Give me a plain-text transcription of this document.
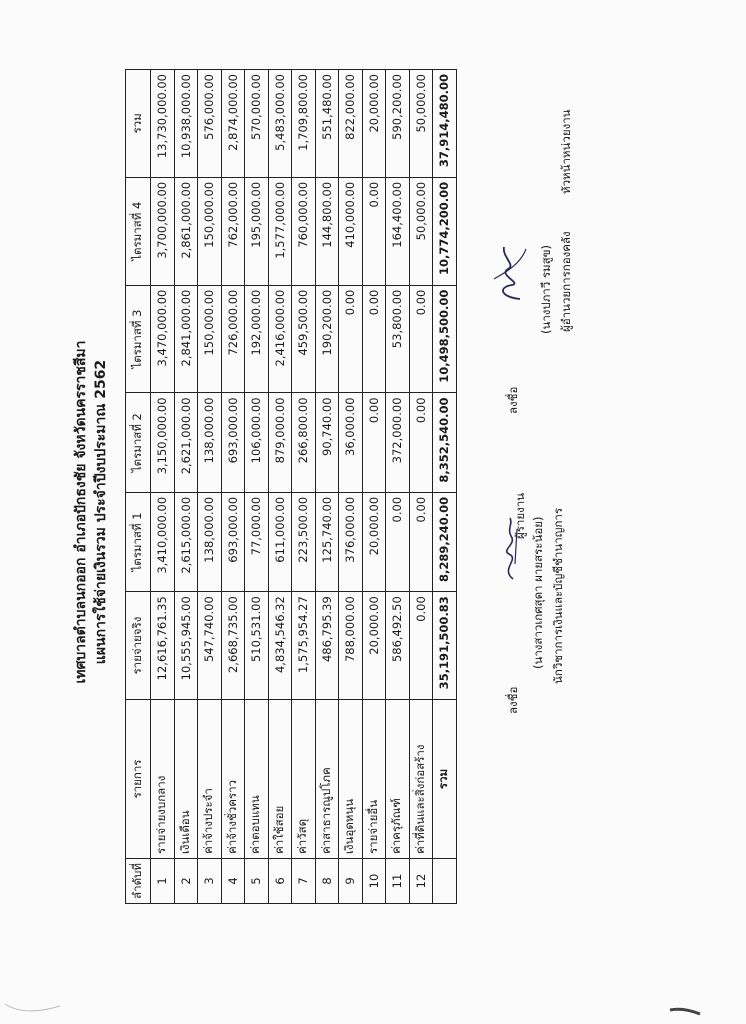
เทศบาลตำบลนกออก อำเภอปักธงชัย จังหวัดนครราชสีมา แผนการใช้จ่ายเงินรวม ประจำปีงบประมาณ 2562
ลำดับที่	รายการ	รายจ่ายจริง	ไตรมาสที่ 1	ไตรมาสที่ 2	ไตรมาสที่ 3	ไตรมาสที่ 4	รวม
1	รายจ่ายงบกลาง	12,616,761.35	3,410,000.00	3,150,000.00	3,470,000.00	3,700,000.00	13,730,000.00
2	เงินเดือน	10,555,945.00	2,615,000.00	2,621,000.00	2,841,000.00	2,861,000.00	10,938,000.00
3	ค่าจ้างประจำ	547,740.00	138,000.00	138,000.00	150,000.00	150,000.00	576,000.00
4	ค่าจ้างชั่วคราว	2,668,735.00	693,000.00	693,000.00	726,000.00	762,000.00	2,874,000.00
5	ค่าตอบแทน	510,531.00	77,000.00	106,000.00	192,000.00	195,000.00	570,000.00
6	ค่าใช้สอย	4,834,546.32	611,000.00	879,000.00	2,416,000.00	1,577,000.00	5,483,000.00
7	ค่าวัสดุ	1,575,954.27	223,500.00	266,800.00	459,500.00	760,000.00	1,709,800.00
8	ค่าสาธารณูปโภค	486,795.39	125,740.00	90,740.00	190,200.00	144,800.00	551,480.00
9	เงินอุดหนุน	788,000.00	376,000.00	36,000.00	0.00	410,000.00	822,000.00
10	รายจ่ายอื่น	20,000.00	20,000.00	0.00	0.00	0.00	20,000.00
11	ค่าครุภัณฑ์	586,492.50	0.00	372,000.00	53,800.00	164,400.00	590,200.00
12	ค่าที่ดินและสิ่งก่อสร้าง	0.00	0.00	0.00	0.00	50,000.00	50,000.00
	รวม	35,191,500.83	8,289,240.00	8,352,540.00	10,498,500.00	10,774,200.00	37,914,480.00
ลงชื่อ
ผู้รายงาน
(นางสาวเกศสุดา ผายสระน้อย) นักวิชาการเงินและบัญชีชำนาญการ
ลงชื่อ
(นางปภาวี รมสูข) ผู้อำนวยการกองคลัง
หัวหน้าหน่วยงาน
